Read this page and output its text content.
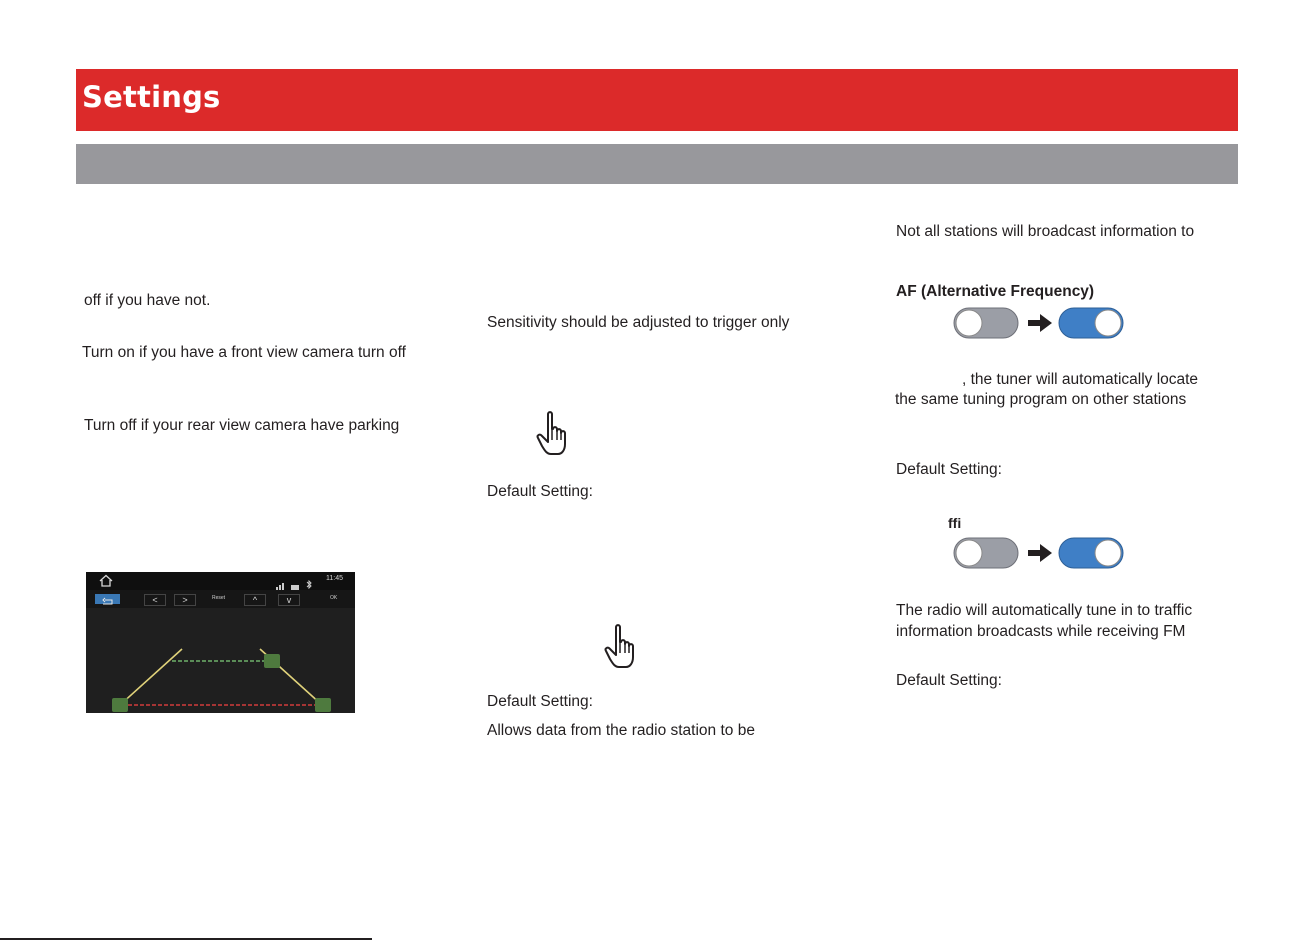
Settings
off if you have not.
Turn on if you have a front view camera turn off
Turn off if your rear view camera have parking
11:45
<	>	Reset	^	v	OK
Sensitivity should be adjusted to trigger only
Default Setting:
Default Setting:
Allows data from the radio station to be
Not all stations will broadcast information to
AF (Alternative Frequency)
, the tuner will automatically locate
the same tuning program on other stations
Default Setting:
ffi
The radio will automatically tune in to traffic
information broadcasts while receiving FM
Default Setting:
